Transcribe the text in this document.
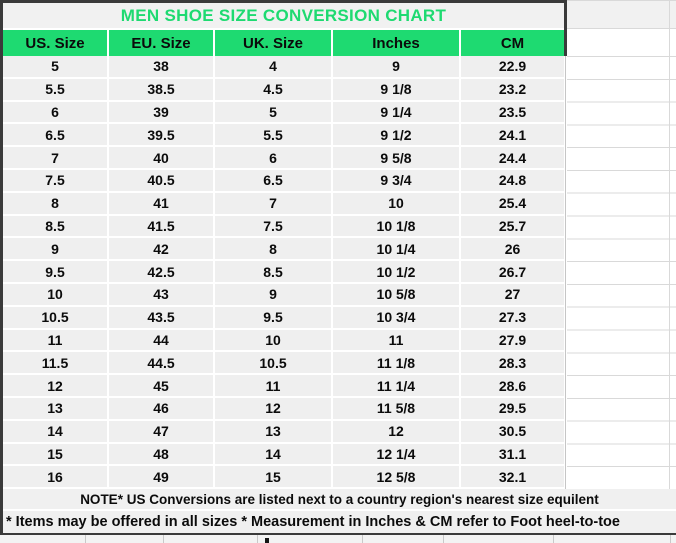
MEN SHOE SIZE CONVERSION CHART
US. Size	EU. Size	UK. Size	Inches	CM
5	38	4	9	22.9
5.5	38.5	4.5	9 1/8	23.2
6	39	5	9 1/4	23.5
6.5	39.5	5.5	9 1/2	24.1
7	40	6	9 5/8	24.4
7.5	40.5	6.5	9 3/4	24.8
8	41	7	10	25.4
8.5	41.5	7.5	10 1/8	25.7
9	42	8	10 1/4	26
9.5	42.5	8.5	10 1/2	26.7
10	43	9	10 5/8	27
10.5	43.5	9.5	10 3/4	27.3
11	44	10	11	27.9
11.5	44.5	10.5	11 1/8	28.3
12	45	11	11 1/4	28.6
13	46	12	11 5/8	29.5
14	47	13	12	30.5
15	48	14	12 1/4	31.1
16	49	15	12 5/8	32.1
NOTE* US Conversions are listed next to a country region's nearest size equilent
* Items may be offered in all sizes * Measurement in Inches & CM refer to Foot heel-to-toe
